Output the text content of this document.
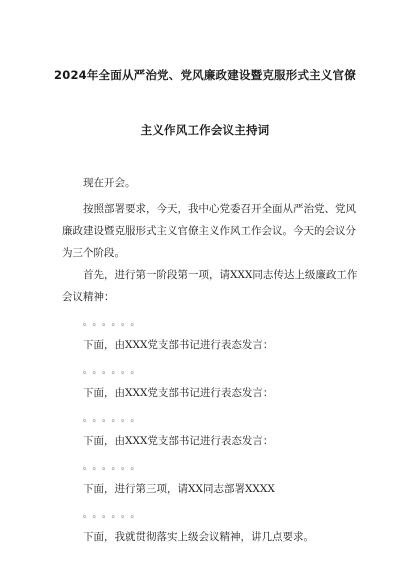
2024年全面从严治党、党风廉政建设暨克服形式主义官僚
主义作风工作会议主持词

现在开会。

按照部署要求，今天，我中心党委召开全面从严治党、党风廉政建设暨克服形式主义官僚主义作风工作会议。今天的会议分为三个阶段。

首先，进行第一阶段第一项，请XXX同志传达上级廉政工作会议精神：

。。。。。。

下面，由XXX党支部书记进行表态发言：

。。。。。。

下面，由XXX党支部书记进行表态发言：

。。。。。。

下面，由XXX党支部书记进行表态发言：

。。。。。。

下面，进行第三项，请XX同志部署XXXX

。。。。。。

下面，我就贯彻落实上级会议精神，讲几点要求。
